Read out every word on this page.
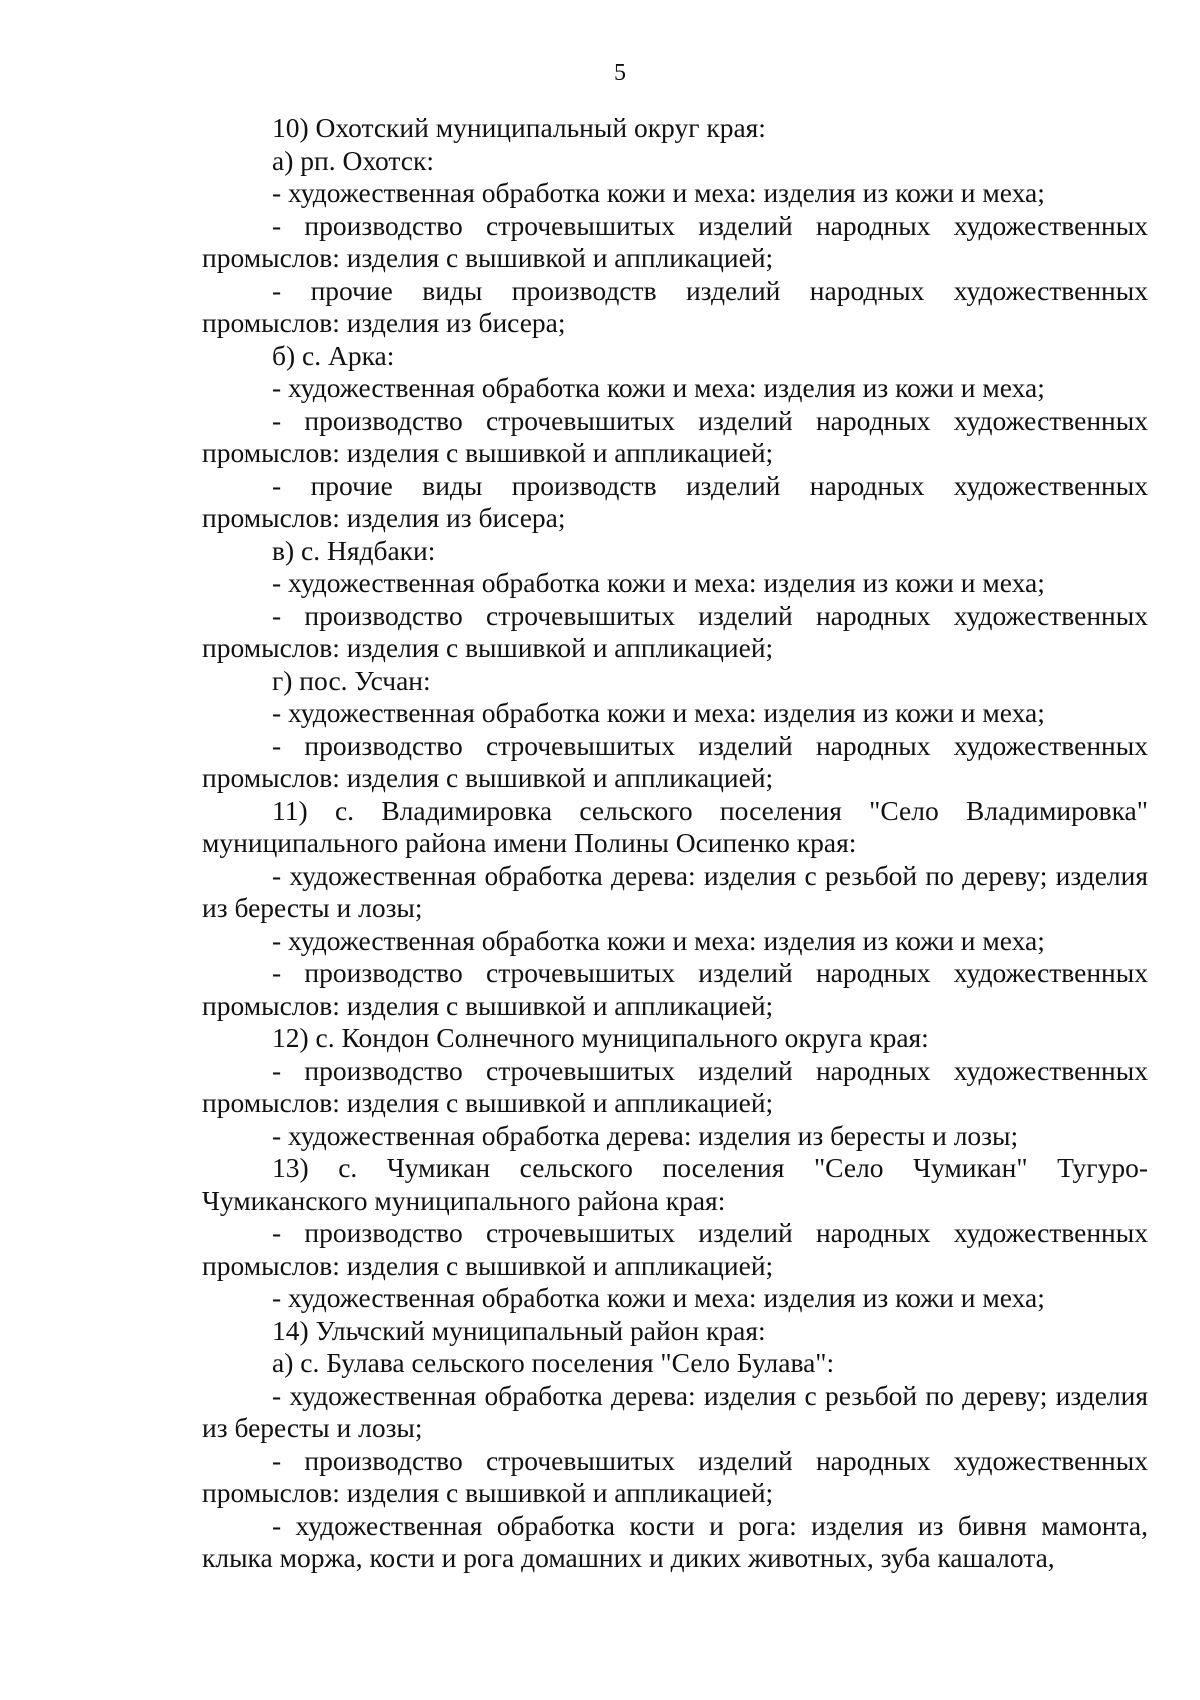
5

10) Охотский муниципальный округ края:

а) рп. Охотск:

- художественная обработка кожи и меха: изделия из кожи и меха;

- производство строчевышитых изделий народных художественных промыслов: изделия с вышивкой и аппликацией;

- прочие виды производств изделий народных художественных промыслов: изделия из бисера;

б) с. Арка:

- художественная обработка кожи и меха: изделия из кожи и меха;

- производство строчевышитых изделий народных художественных промыслов: изделия с вышивкой и аппликацией;

- прочие виды производств изделий народных художественных промыслов: изделия из бисера;

в) с. Нядбаки:

- художественная обработка кожи и меха: изделия из кожи и меха;

- производство строчевышитых изделий народных художественных промыслов: изделия с вышивкой и аппликацией;

г) пос. Усчан:

- художественная обработка кожи и меха: изделия из кожи и меха;

- производство строчевышитых изделий народных художественных промыслов: изделия с вышивкой и аппликацией;

11) с. Владимировка сельского поселения "Село Владимировка" муниципального района имени Полины Осипенко края:

- художественная обработка дерева: изделия с резьбой по дереву; изделия из бересты и лозы;

- художественная обработка кожи и меха: изделия из кожи и меха;

- производство строчевышитых изделий народных художественных промыслов: изделия с вышивкой и аппликацией;

12) с. Кондон Солнечного муниципального округа края:

- производство строчевышитых изделий народных художественных промыслов: изделия с вышивкой и аппликацией;

- художественная обработка дерева: изделия из бересты и лозы;

13) с. Чумикан сельского поселения "Село Чумикан" Тугуро-Чумиканского муниципального района края:

- производство строчевышитых изделий народных художественных промыслов: изделия с вышивкой и аппликацией;

- художественная обработка кожи и меха: изделия из кожи и меха;

14) Ульчский муниципальный район края:

а) с. Булава сельского поселения "Село Булава":

- художественная обработка дерева: изделия с резьбой по дереву; изделия из бересты и лозы;

- производство строчевышитых изделий народных художественных промыслов: изделия с вышивкой и аппликацией;

- художественная обработка кости и рога: изделия из бивня мамонта, клыка моржа, кости и рога домашних и диких животных, зуба кашалота,
